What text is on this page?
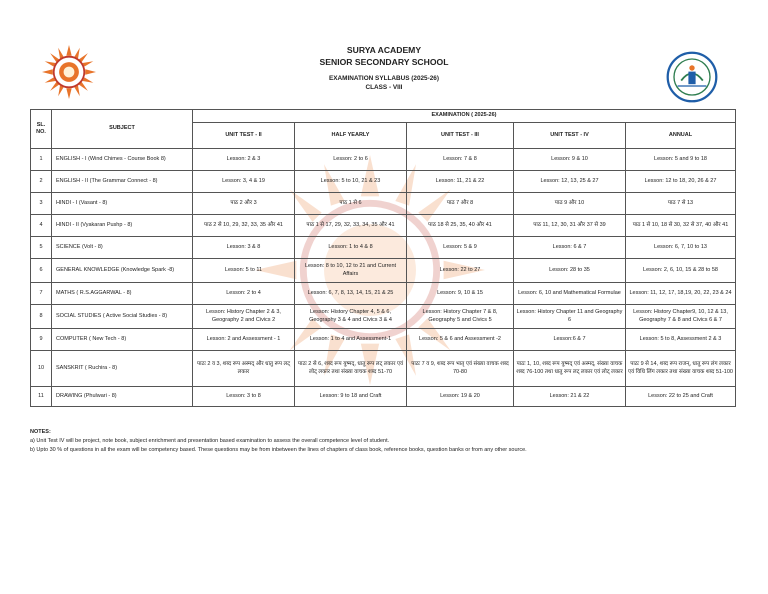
SURYA ACADEMY
SENIOR SECONDARY SCHOOL
EXAMINATION SYLLABUS (2025-26)
CLASS - VIII
SL. NO.	SUBJECT	EXAMINATION ( 2025-26)				
		UNIT TEST - II	HALF YEARLY	UNIT TEST - III	UNIT TEST - IV	ANNUAL
1	ENGLISH - I (Wind Chimes - Course Book 8)	Lesson: 2 & 3	Lesson: 2 to 6	Lesson: 7 & 8	Lesson: 9 & 10	Lesson: 5 and 9 to 18
2	ENGLISH - II (The Grammar Connect - 8)	Lesson: 3, 4 & 19	Lesson: 5 to 10, 21 & 23	Lesson: 11, 21 & 22	Lesson: 12, 13, 25 & 27	Lesson: 12 to 18, 20, 26 & 27
3	HINDI - I (Vasant - 8)	पाठ 2 और 3	पाठ 1 से 6	पाठ 7 और 8	पाठ 9 और 10	पाठ 7 से 13
4	HINDI - II (Vyakaran Pushp - 8)	पाठ 2 से 10, 29, 32, 33, 35 और 41	पाठ 1 से 17, 29, 32, 33, 34, 35 और 41	पाठ 18 से 25, 35, 40 और 41	पाठ 11, 12, 30, 31 और 37 से 39	पाठ 1 से 10, 18 से 30, 32 से 37, 40 और 41
5	SCIENCE (Volt - 8)	Lesson: 3 & 8	Lesson: 1 to 4 & 8	Lesson: 5 & 9	Lesson: 6 & 7	Lesson: 6, 7, 10 to 13
6	GENERAL KNOWLEDGE (Knowledge Spark -8)	Lesson: 5 to 11	Lesson: 8 to 10, 12 to 21 and Current Affairs	Lesson: 22 to 27	Lesson: 28 to 35	Lesson: 2, 6, 10, 15 & 28 to 58
7	MATHS ( R.S.AGGARWAL - 8)	Lesson: 2 to 4	Lesson: 6, 7, 8, 13, 14, 15, 21 & 25	Lesson: 9, 10 & 15	Lesson: 6, 10 and Mathematical Formulae	Lesson: 11, 12, 17, 18,19, 20, 22, 23 & 24
8	SOCIAL STUDIES ( Active Social Studies - 8)	Lesson: History Chapter 2 & 3, Geography 2 and Civics 2	Lesson: History Chapter 4, 5 & 6, Geography 3 & 4 and Civics 3 & 4	Lesson: History Chapter 7 & 8, Geography 5 and Civics 5	Lesson: History Chapter 11 and Geography 6	Lesson: History Chapter9, 10, 12 & 13, Geography 7 & 8 and Civics 6 & 7
9	COMPUTER ( New Tech - 8)	Lesson: 2 and Assessment - 1	Lesson: 1 to 4 and Assessment-1	Lesson: 5 & 6 and Assessment -2	Lesson:6 & 7	Lesson: 5 to 8, Assessment 2 & 3
10	SANSKRIT ( Ruchira - 8)	पाठः 2 व 3, शब्द रूप अस्मद् और धातु रूप लट् लकार	पाठः 2 से 6, शब्द रूप युष्मद्, धातु रूप लट् लकार एवं लोट् लकार तथा संख्या वाचक शब्द 51-70	पाठः 7 व 9, शब्द रूप भातृ एवं संख्या वाचक शब्द 70-80	पाठः 1, 10, शब्द रूप युष्मद् एवं अस्मद्, संख्या वाचक शब्द 76-100 तथा धातु रूप लट् लकार एवं लोट् लकार	पाठः 9 से 14, शब्द रूप राजन्, धातु रूप लंग लकार एवं विधि लिंग लकार तथा संख्या वाचक शब्द 51-100
11	DRAWING (Phulwari - 8)	Lesson: 3 to 8	Lesson: 9 to 18 and Craft	Lesson: 19 & 20	Lesson: 21 & 22	Lesson: 22 to 25 and Craft
NOTES:
a) Unit Test IV will be project, note book, subject enrichment and presentation based examination to assess the overall competence level of student.
b) Upto 30 % of questions in all the exam will be competency based. These questions may be from inbetween the lines of chapters of class book, reference books, question banks or from any other source.
